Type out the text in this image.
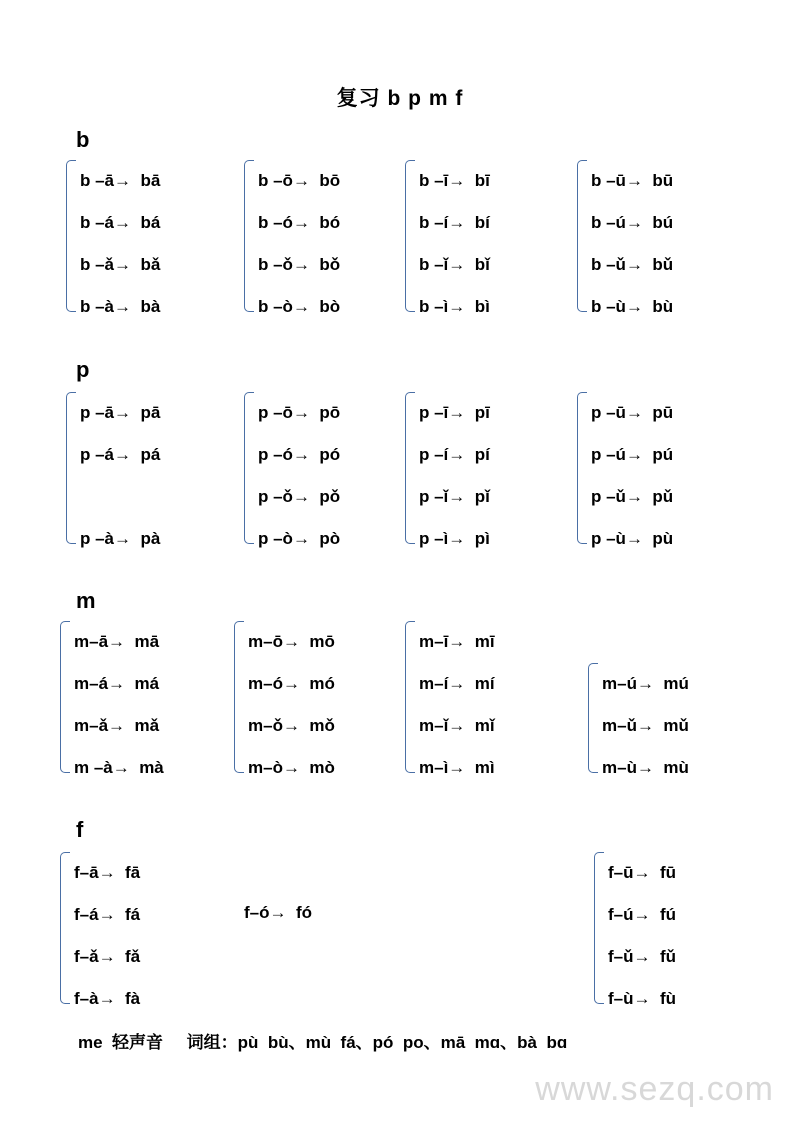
复习 b p m f
b
b –ā→  bā
b –á→  bá
b –ǎ→  bǎ
b –à→  bà
b –ō→  bō
b –ó→  bó
b –ǒ→  bǒ
b –ò→  bò
b –ī→  bī
b –í→  bí
b –ǐ→  bǐ
b –ì→  bì
b –ū→  bū
b –ú→  bú
b –ǔ→  bǔ
b –ù→  bù
p
p –ā→  pā
p –á→  pá
p –à→  pà
p –ō→  pō
p –ó→  pó
p –ǒ→  pǒ
p –ò→  pò
p –ī→  pī
p –í→  pí
p –ǐ→  pǐ
p –ì→  pì
p –ū→  pū
p –ú→  pú
p –ǔ→  pǔ
p –ù→  pù
m
m–ā→  mā
m–á→  má
m–ǎ→  mǎ
m –à→  mà
m–ō→  mō
m–ó→  mó
m–ǒ→  mǒ
m–ò→  mò
m–ī→  mī
m–í→  mí
m–ǐ→  mǐ
m–ì→  mì
m–ú→  mú
m–ǔ→  mǔ
m–ù→  mù
f
f–ā→  fā
f–á→  fá
f–ǎ→  fǎ
f–à→  fà
f–ó→  fó
f–ū→  fū
f–ú→  fú
f–ǔ→  fǔ
f–ù→  fù
me  轻声音     词组：pù  bù、mù  fá、pó  po、mā  mɑ、bà  bɑ
www.sezq.com
